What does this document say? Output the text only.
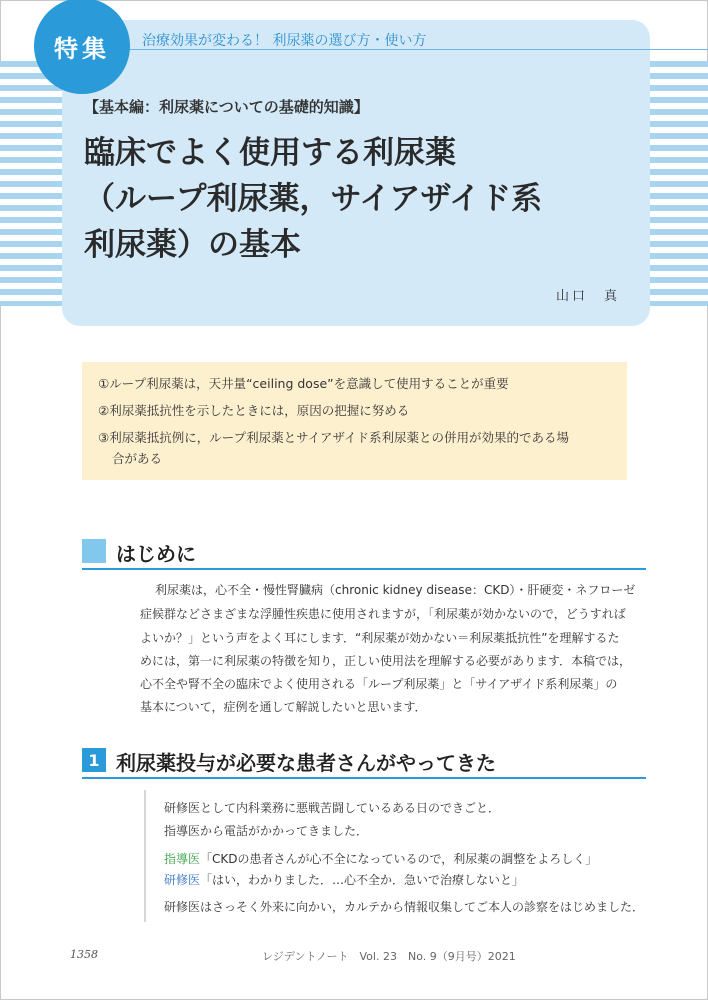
特集	治療効果が変わる！ 利尿薬の選び方・使い方
【基本編：利尿薬についての基礎的知識】
臨床でよく使用する利尿薬
（ループ利尿薬，サイアザイド系
利尿薬）の基本
山口　真
①ループ利尿薬は，天井量“ceiling dose”を意識して使用することが重要
②利尿薬抵抗性を示したときには，原因の把握に努める
③利尿薬抵抗例に，ループ利尿薬とサイアザイド系利尿薬との併用が効果的である場
合がある
はじめに
利尿薬は，心不全・慢性腎臓病（chronic kidney disease：CKD）・肝硬変・ネフローゼ
症候群などさまざまな浮腫性疾患に使用されますが，「利尿薬が効かないので，どうすれば
よいか？」という声をよく耳にします．“利尿薬が効かない＝利尿薬抵抗性”を理解するた
めには，第一に利尿薬の特徴を知り，正しい使用法を理解する必要があります．本稿では，
心不全や腎不全の臨床でよく使用される「ループ利尿薬」と「サイアザイド系利尿薬」の
基本について，症例を通して解説したいと思います．
1 利尿薬投与が必要な患者さんがやってきた
研修医として内科業務に悪戦苦闘しているある日のできごと．
指導医から電話がかかってきました．
指導医「CKDの患者さんが心不全になっているので，利尿薬の調整をよろしく」
研修医「はい，わかりました．…心不全か．急いで治療しないと」
研修医はさっそく外来に向かい，カルテから情報収集してご本人の診察をはじめました．
1358	レジデントノート　Vol. 23　No. 9（9月号）2021
